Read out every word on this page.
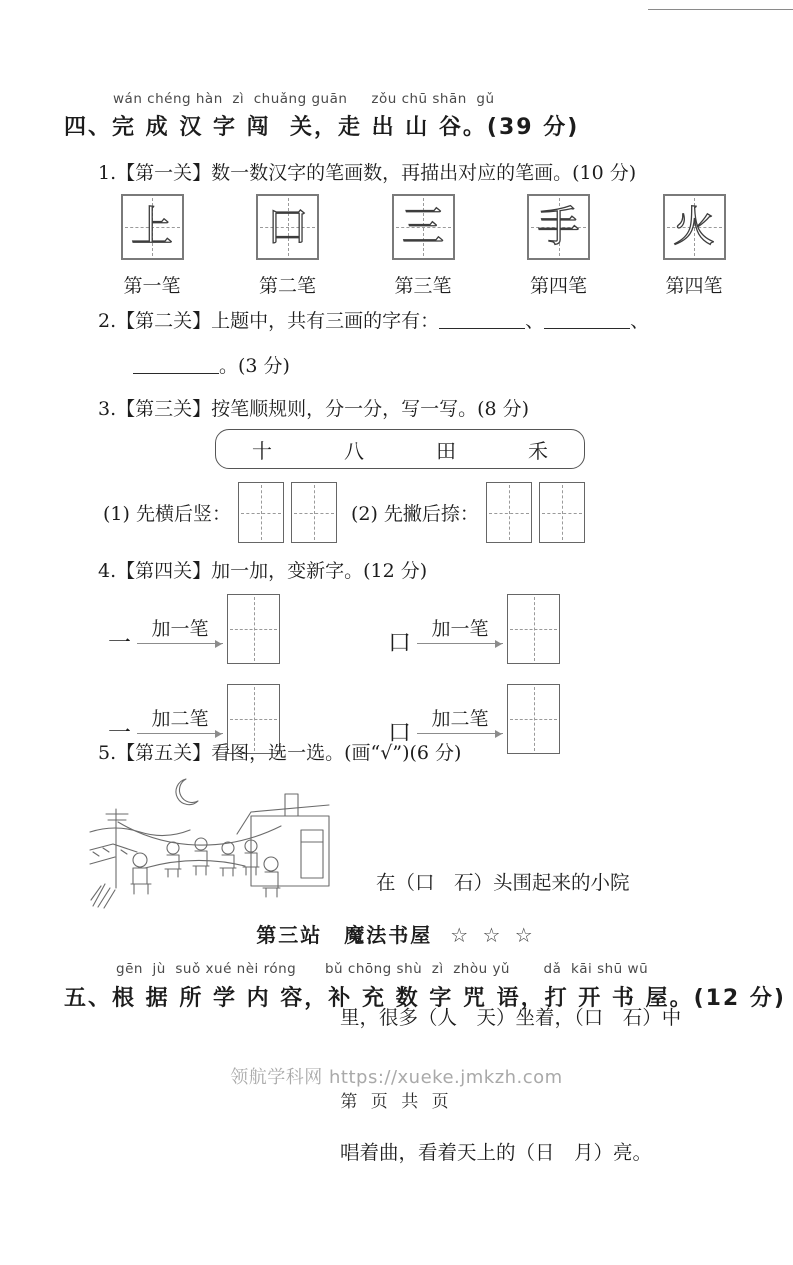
wán chéng hàn  zì  chuǎng guān     zǒu chū shān  gǔ
四、完 成 汉 字 闯  关，走 出 山 谷。(39 分)
1.【第一关】数一数汉字的笔画数，再描出对应的笔画。(10 分)
上
第一笔
口
第二笔
三
第三笔
手
第四笔
火
第四笔
2.【第二关】上题中，共有三画的字有：	、	、
。(3 分)
3.【第三关】按笔顺规则，分一分，写一写。(8 分)
十	八	田	禾
(1) 先横后竖：	(2) 先撇后捺：
4.【第四关】加一加，变新字。(12 分)
一
加一笔
口
加一笔
一
加二笔
口
加二笔
5.【第五关】看图，选一选。(画“√”)(6 分)

在（口　石）头围起来的小院

里，很多（人　天）坐着，（口　石）中

唱着曲，看着天上的（日　月）亮。

第三站　魔法书屋 ☆ ☆ ☆
gēn  jù  suǒ xué nèi róng      bǔ chōng shù  zì  zhòu yǔ       dǎ  kāi shū wū
五、根 据 所 学 内 容，补 充 数 字 咒 语，打 开 书 屋。(12 分)
领航学科网 https://xueke.jmkzh.com
第 页 共 页
